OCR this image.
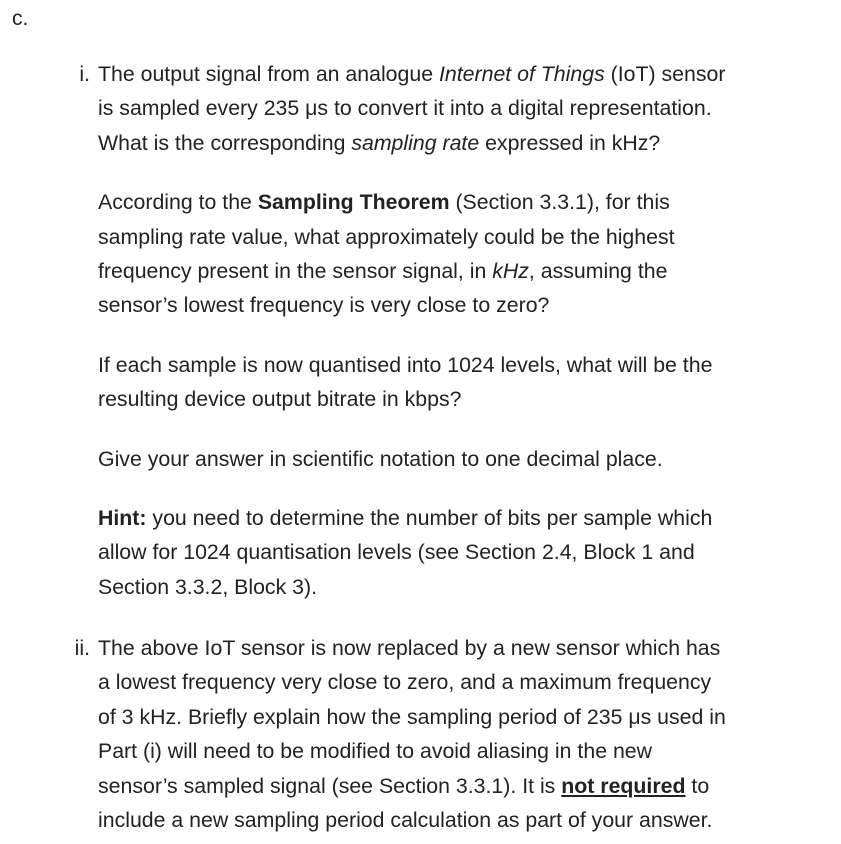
c.
i. The output signal from an analogue Internet of Things (IoT) sensor
is sampled every 235 μs to convert it into a digital representation.
What is the corresponding sampling rate expressed in kHz?

According to the Sampling Theorem (Section 3.3.1), for this
sampling rate value, what approximately could be the highest
frequency present in the sensor signal, in kHz, assuming the
sensor’s lowest frequency is very close to zero?

If each sample is now quantised into 1024 levels, what will be the
resulting device output bitrate in kbps?

Give your answer in scientific notation to one decimal place.

Hint: you need to determine the number of bits per sample which
allow for 1024 quantisation levels (see Section 2.4, Block 1 and
Section 3.3.2, Block 3).

ii. The above IoT sensor is now replaced by a new sensor which has
a lowest frequency very close to zero, and a maximum frequency
of 3 kHz. Briefly explain how the sampling period of 235 μs used in
Part (i) will need to be modified to avoid aliasing in the new
sensor’s sampled signal (see Section 3.3.1). It is not required to
include a new sampling period calculation as part of your answer.
